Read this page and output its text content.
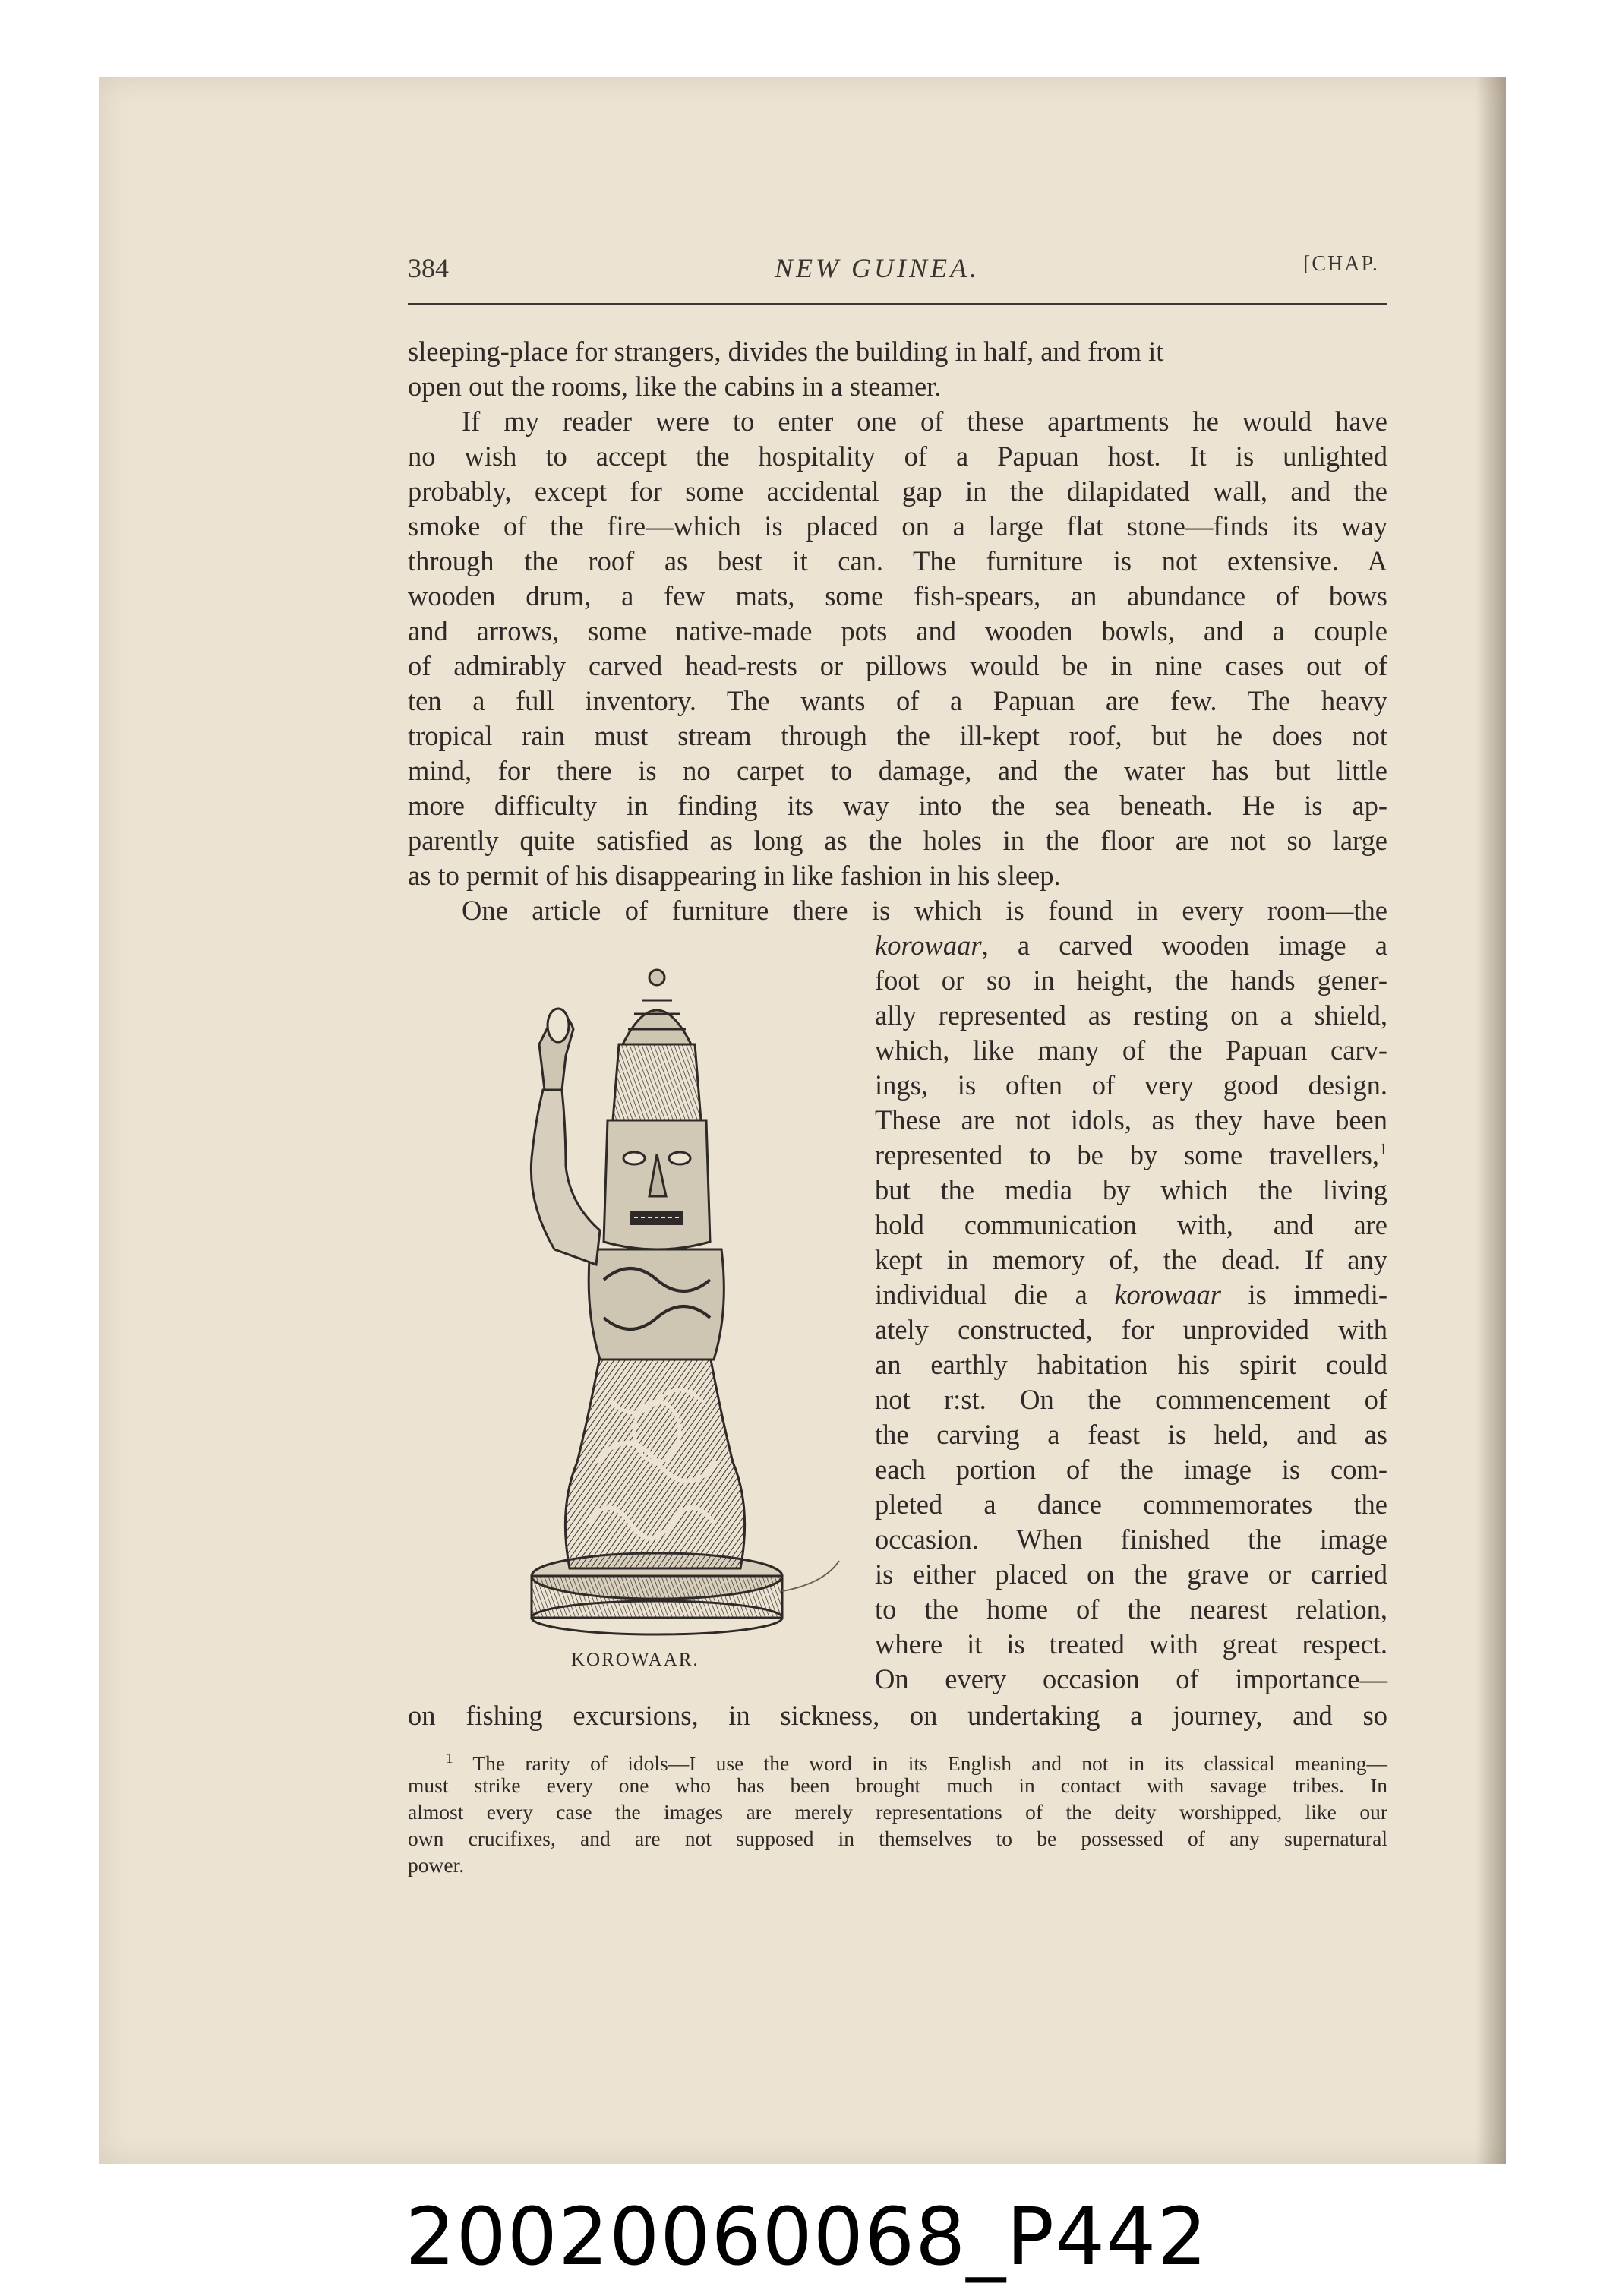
384	NEW GUINEA.	[CHAP.
sleeping-place for strangers, divides the building in half, and from it
open out the rooms, like the cabins in a steamer.
If my reader were to enter one of these apartments he would have
no wish to accept the hospitality of a Papuan host. It is unlighted
probably, except for some accidental gap in the dilapidated wall, and the
smoke of the fire—which is placed on a large flat stone—finds its way
through the roof as best it can. The furniture is not extensive. A
wooden drum, a few mats, some fish-spears, an abundance of bows
and arrows, some native-made pots and wooden bowls, and a couple
of admirably carved head-rests or pillows would be in nine cases out of
ten a full inventory. The wants of a Papuan are few. The heavy
tropical rain must stream through the ill-kept roof, but he does not
mind, for there is no carpet to damage, and the water has but little
more difficulty in finding its way into the sea beneath. He is ap-
parently quite satisfied as long as the holes in the floor are not so large
as to permit of his disappearing in like fashion in his sleep.
One article of furniture there is which is found in every room—the
korowaar, a carved wooden image a
foot or so in height, the hands gener-
ally represented as resting on a shield,
which, like many of the Papuan carv-
ings, is often of very good design.
These are not idols, as they have been
represented to be by some travellers,$^1$
but the media by which the living
hold communication with, and are
kept in memory of, the dead. If any
individual die a korowaar is immedi-
ately constructed, for unprovided with
an earthly habitation his spirit could
not r:st. On the commencement of
the carving a feast is held, and as
each portion of the image is com-
pleted a dance commemorates the
occasion. When finished the image
is either placed on the grave or carried
to the home of the nearest relation,
where it is treated with great respect.
On every occasion of importance—
on fishing excursions, in sickness, on undertaking a journey, and so
KOROWAAR.
$^1$ The rarity of idols—I use the word in its English and not in its classical meaning—
must strike every one who has been brought much in contact with savage tribes. In
almost every case the images are merely representations of the deity worshipped, like our
own crucifixes, and are not supposed in themselves to be possessed of any supernatural
power.
20020060068_P442
